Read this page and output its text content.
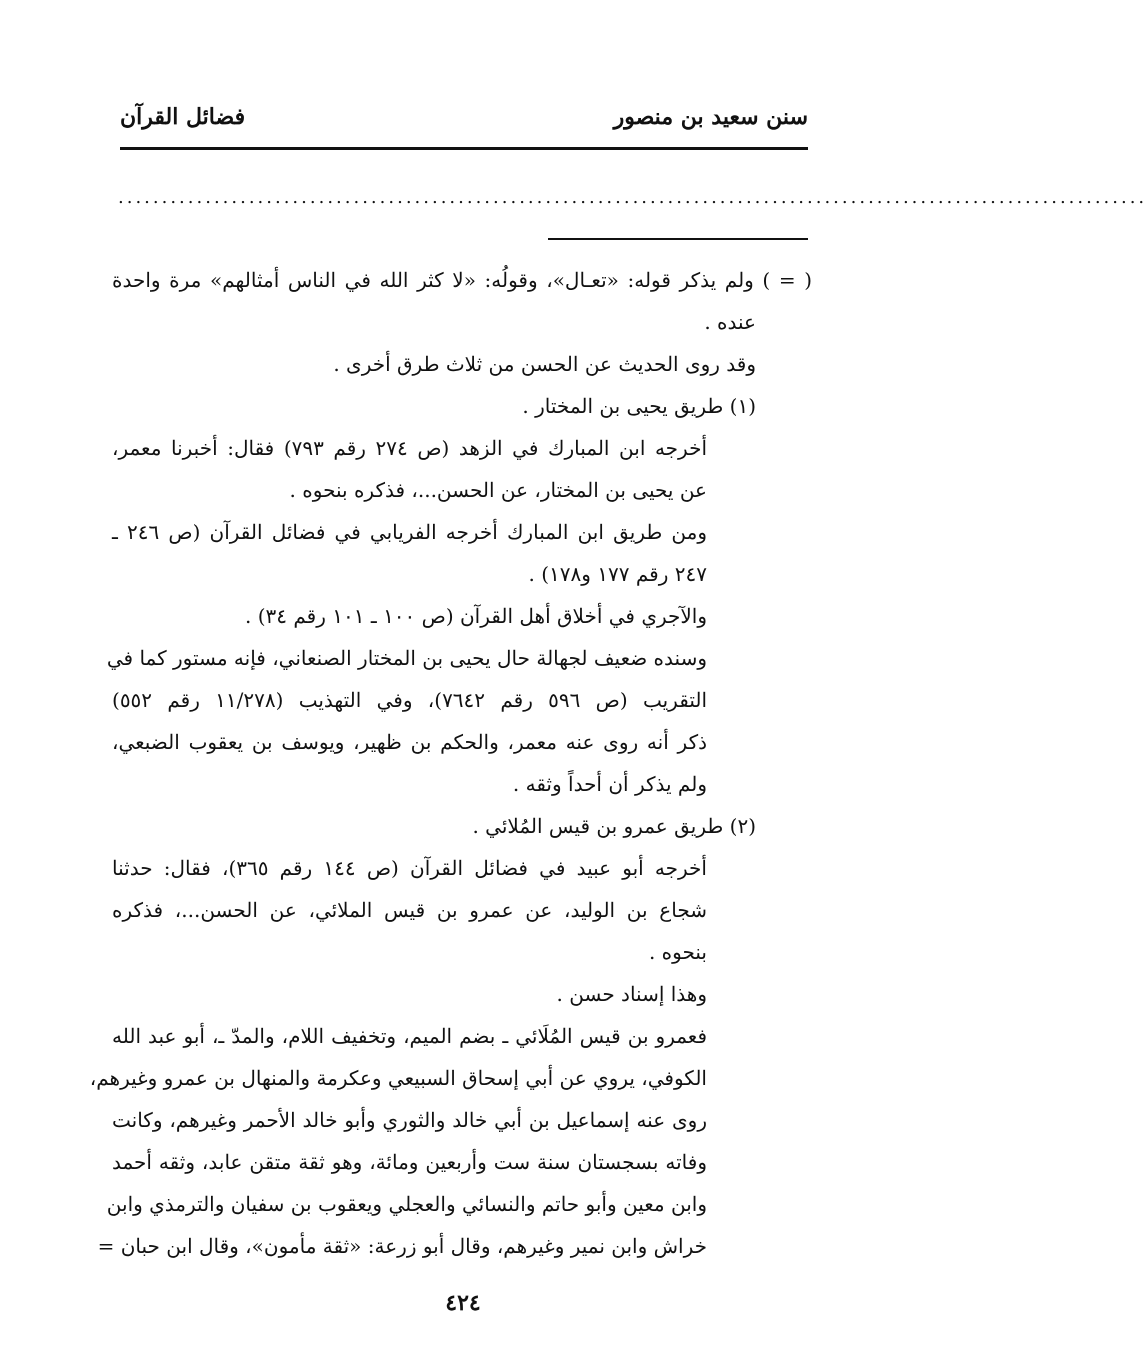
سنن سعيد بن منصور
فضائل القرآن
......................................................................................................................
( = ) ولم يذكر قوله: «تعـال»، وقولُه: «لا كثر الله في الناس أمثالهم» مرة واحدة
عنده .
وقد روى الحديث عن الحسن من ثلاث طرق أخرى .
(١) طريق يحيى بن المختار .
أخرجه ابن المبارك في الزهد (ص ٢٧٤ رقم ٧٩٣) فقال: أخبرنا معمر،
عن يحيى بن المختار، عن الحسن...، فذكره بنحوه .
ومن طريق ابن المبارك أخرجه الفريابي في فضائل القرآن (ص ٢٤٦ ـ
٢٤٧ رقم ١٧٧ و١٧٨) .
والآجري في أخلاق أهل القرآن (ص ١٠٠ ـ ١٠١ رقم ٣٤) .
وسنده ضعيف لجهالة حال يحيى بن المختار الصنعاني، فإنه مستور كما في
التقريب (ص ٥٩٦ رقم ٧٦٤٢)، وفي التهذيب (١١/٢٧٨ رقم ٥٥٢)
ذكر أنه روى عنه معمر، والحكم بن ظهير، ويوسف بن يعقوب الضبعي،
ولم يذكر أن أحداً وثقه .
(٢) طريق عمرو بن قيس المُلائي .
أخرجه أبو عبيد في فضائل القرآن (ص ١٤٤ رقم ٣٦٥)، فقال: حدثنا
شجاع بن الوليد، عن عمرو بن قيس الملائي، عن الحسن...، فذكره
بنحوه .
وهذا إسناد حسن .
فعمرو بن قيس المُلَائي ـ بضم الميم، وتخفيف اللام، والمدّ ـ، أبو عبد الله
الكوفي، يروي عن أبي إسحاق السبيعي وعكرمة والمنهال بن عمرو وغيرهم،
روى عنه إسماعيل بن أبي خالد والثوري وأبو خالد الأحمر وغيرهم، وكانت
وفاته بسجستان سنة ست وأربعين ومائة، وهو ثقة متقن عابد، وثقه أحمد
وابن معين وأبو حاتم والنسائي والعجلي ويعقوب بن سفيان والترمذي وابن
خراش وابن نمير وغيرهم، وقال أبو زرعة: «ثقة مأمون»، وقال ابن حبان =
٤٢٤
